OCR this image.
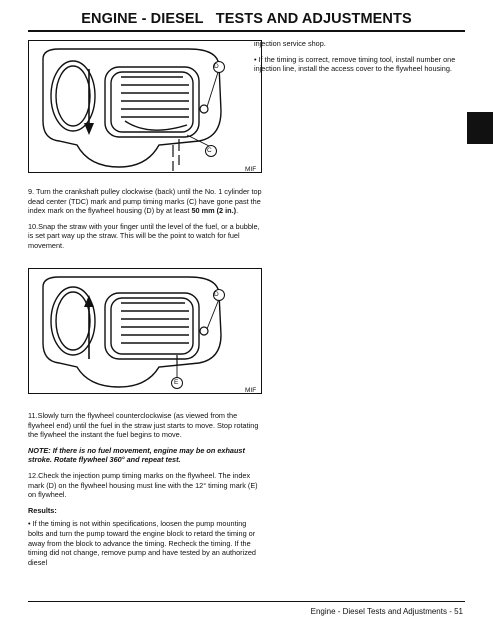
ENGINE - DIESEL   TESTS AND ADJUSTMENTS
D
C
MIF

9. Turn the crankshaft pulley clockwise (back) until the No. 1 cylinder top dead center (TDC) mark and pump timing marks (C) have gone past the index mark on the flywheel housing (D) by at least 50 mm (2 in.).

10.Snap the straw with your finger until the level of the fuel, or a bubble, is set part way up the straw. This will be the point to watch for fuel movement.

D
E
MIF

11.Slowly turn the flywheel counterclockwise (as viewed from the flywheel end) until the fuel in the straw just starts to move. Stop rotating the flywheel the instant the fuel begins to move.

NOTE: If there is no fuel movement, engine may be on exhaust stroke. Rotate flywheel 360° and repeat test.

12.Check the injection pump timing marks on the flywheel. The index mark (D) on the flywheel housing must line with the 12° timing mark (E) on flywheel.

Results:

• If the timing is not within specifications, loosen the pump mounting bolts and turn the pump toward the engine block to retard the timing or away from the block to advance the timing. Recheck the timing. If the timing did not change, remove pump and have tested by an authorized diesel

injection service shop.

• If the timing is correct, remove timing tool, install number one injection line, install the access cover to the flywheel housing.

Engine - Diesel Tests and Adjustments - 51
